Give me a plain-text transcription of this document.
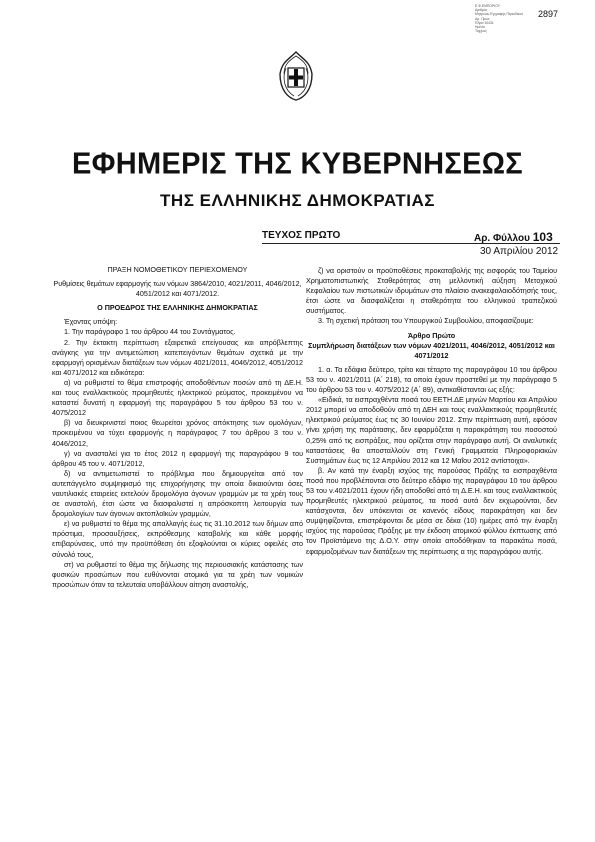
2897
Ε.Φ.ΕΜΠΟΡΙΟΥ
Αριθμός
Μητρώου Εγγραφής Περιοδικού
Αρ. Πρωτ.
Έδρα 10431
Ημ/νία
Ταχ/μος
ΕΦΗΜΕΡΙΣ ΤΗΣ ΚΥΒΕΡΝΗΣΕΩΣ
ΤΗΣ ΕΛΛΗΝΙΚΗΣ ΔΗΜΟΚΡΑΤΙΑΣ
ΤΕΥΧΟΣ ΠΡΩΤΟ	Αρ. Φύλλου 103
30 Απριλίου 2012

ΠΡΑΞΗ ΝΟΜΟΘΕΤΙΚΟΥ ΠΕΡΙΕΧΟΜΕΝΟΥ

Ρυθμίσεις θεμάτων εφαρμογής των νόμων 3864/2010, 4021/2011, 4046/2012, 4051/2012 και 4071/2012.

Ο ΠΡΟΕΔΡΟΣ ΤΗΣ ΕΛΛΗΝΙΚΗΣ ΔΗΜΟΚΡΑΤΙΑΣ

Έχοντας υπόψη:

1. Την παράγραφο 1 του άρθρου 44 του Συντάγματος.

2. Την έκτακτη περίπτωση εξαιρετικά επείγουσας και απρόβλεπτης ανάγκης για την αντιμετώπιση κατεπειγόντων θεμάτων σχετικά με την εφαρμογή ορισμένων διατάξεων των νόμων 4021/2011, 4046/2012, 4051/2012 και 4071/2012 και ειδικότερα:

α) να ρυθμιστεί το θέμα επιστροφής αποδοθέντων ποσών από τη ΔΕ.Η. και τους εναλλακτικούς προμηθευτές ηλεκτρικού ρεύματος, προκειμένου να καταστεί δυνατή η εφαρμογή της παραγράφου 5 του άρθρου 53 του ν. 4075/2012

β) να διευκρινιστεί ποιος θεωρείται χρόνος απόκτησης των ομολόγων, προκειμένου να τύχει εφαρμογής η παράγραφος 7 του άρθρου 3 του ν. 4046/2012,

γ) να ανασταλεί για το έτος 2012 η εφαρμογή της παραγράφου 9 του άρθρου 45 του ν. 4071/2012,

δ) να αντιμετωπιστεί το πρόβλημα που δημιουργείται από τον αυτεπάγγελτο συμψηφισμό της επιχορήγησης την οποία δικαιούνται όσες ναυτιλιακές εταιρείες εκτελούν δρομολόγια άγονων γραμμών με τα χρέη τους σε αναστολή, έτσι ώστε να διασφαλιστεί η απρόσκοπτη λειτουργία των δρομολογίων των άγονων ακτοπλοϊκών γραμμών,

ε) να ρυθμιστεί το θέμα της απαλλαγής έως τις 31.10.2012 των δήμων από πρόστιμα, προσαυξήσεις, εκπρόθεσμης καταβολής και κάθε μορφής επιβαρύνσεις, υπό την προϋπόθεση ότι εξοφλούνται οι κύριες οφειλές στο σύνολό τους,

στ) να ρυθμιστεί το θέμα της δήλωσης της περιουσιακής κατάστασης των φυσικών προσώπων που ευθύνονται ατομικά για τα χρέη των νομικών προσώπων όταν τα τελευταία υποβάλλουν αίτηση αναστολής,

ζ) να οριστούν οι προϋποθέσεις προκαταβολής της εισφοράς του Ταμείου Χρηματοπιστωτικής Σταθερότητας στη μελλοντική αύξηση Μετοχικού Κεφαλαίου των πιστωτικών ιδρυμάτων στο πλαίσιο ανακεφαλαιοδότησής τους, έτσι ώστε να διασφαλίζεται η σταθερότητα του ελληνικού τραπεζικού συστήματος.

3. Τη σχετική πρόταση του Υπουργικού Συμβουλίου, αποφασίζουμε:

Άρθρο Πρώτο

Συμπλήρωση διατάξεων των νόμων 4021/2011, 4046/2012, 4051/2012 και 4071/2012

1. α. Τα εδάφια δεύτερο, τρίτο και τέταρτο της παραγράφου 10 του άρθρου 53 του ν. 4021/2011 (Α΄ 218), τα οποία έχουν προστεθεί με την παράγραφο 5 του άρθρου 53 του ν. 4075/2012 (Α΄ 89), αντικαθίστανται ως εξής:

«Ειδικά, τα εισπραχθέντα ποσά του ΕΕΤΗ.ΔΕ μηνών Μαρτίου και Απριλίου 2012 μπορεί να αποδοθούν από τη ΔΕΗ και τους εναλλακτικούς προμηθευτές ηλεκτρικού ρεύματος έως τις 30 Ιουνίου 2012. Στην περίπτωση αυτή, εφόσον γίνει χρήση της παράτασης, δεν εφαρμόζεται η παρακράτηση του ποσοστού 0,25% από τις εισπράξεις, που ορίζεται στην παράγραφο αυτή. Οι αναλυτικές καταστάσεις θα αποσταλλούν στη Γενική Γραμματεία Πληροφοριακών Συστημάτων έως τις 12 Απριλίου 2012 και 12 Μαΐου 2012 αντίστοιχα».

β. Αν κατά την έναρξη ισχύος της παρούσας Πράξης τα εισπραχθέντα ποσά που προβλέπονται στο δεύτερο εδάφιο της παραγράφου 10 του άρθρου 53 του ν.4021/2011 έχουν ήδη αποδοθεί από τη Δ.Ε.Η. και τους εναλλακτικούς προμηθευτές ηλεκτρικού ρεύματος, τα ποσά αυτά δεν εκχωρούνται, δεν κατάσχονται, δεν υπόκεινται σε κανενός είδους παρακράτηση και δεν συμψηφίζονται, επιστρέφονται δε μέσα σε δέκα (10) ημέρες από την έναρξη ισχύος της παρούσας Πράξης με την έκδοση ατομικού φύλλου έκπτωσης από τον Προϊστάμενο της Δ.Ο.Υ. στην οποία αποδόθηκαν τα παρακάτω ποσά, εφαρμοζομένων των διατάξεων της περίπτωσης α της παραγράφου αυτής.
